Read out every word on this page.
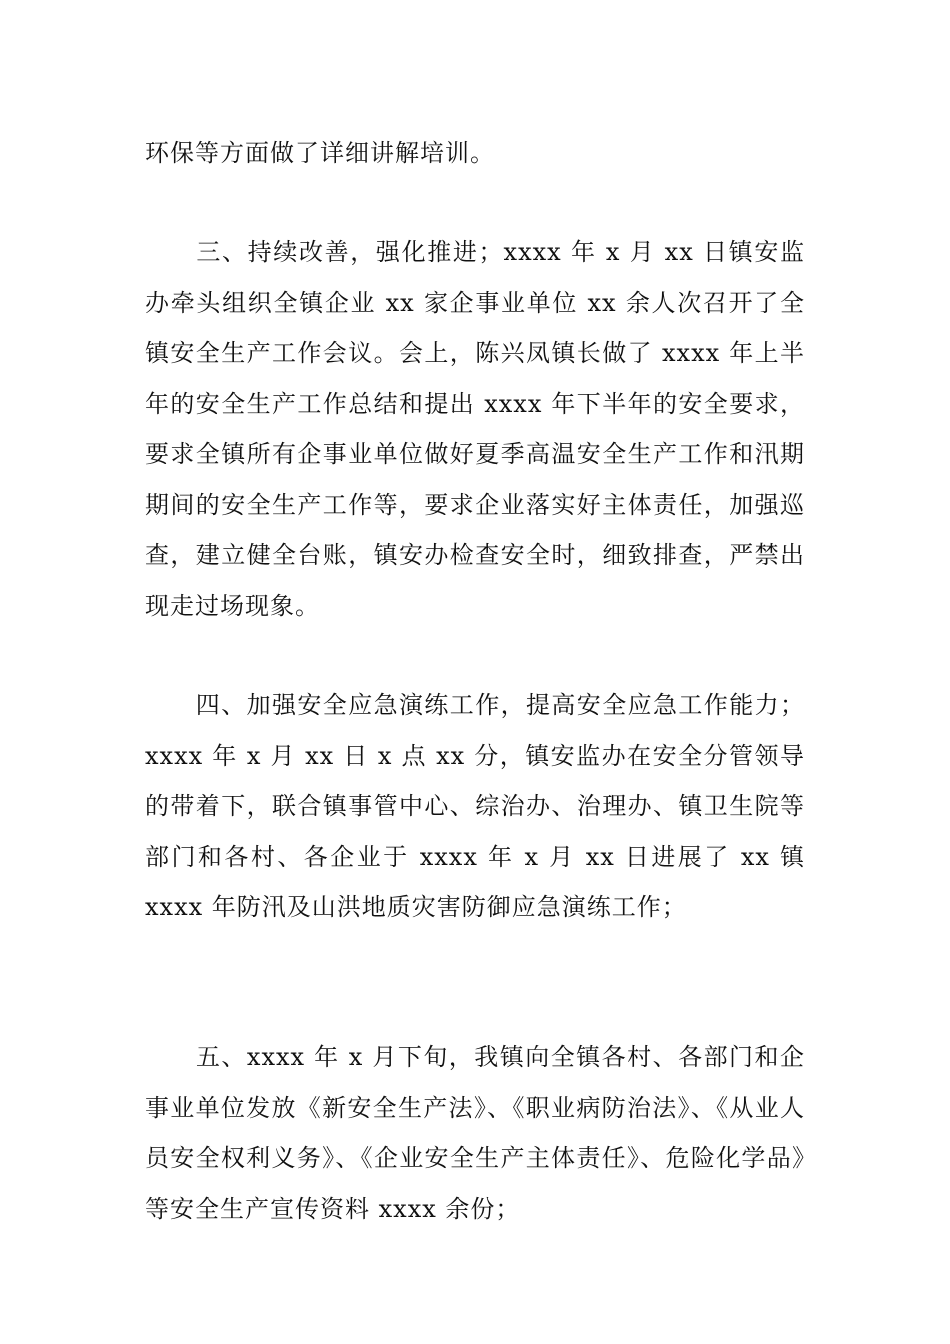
环保等方面做了详细讲解培训。

　　三、持续改善，强化推进；xxxx 年 x 月 xx 日镇安监办牵头组织全镇企业 xx 家企事业单位 xx 余人次召开了全镇安全生产工作会议。会上，陈兴凤镇长做了 xxxx 年上半年的安全生产工作总结和提出 xxxx 年下半年的安全要求，要求全镇所有企事业单位做好夏季高温安全生产工作和汛期期间的安全生产工作等，要求企业落实好主体责任，加强巡查，建立健全台账，镇安办检查安全时，细致排查，严禁出现走过场现象。

　　四、加强安全应急演练工作，提高安全应急工作能力；xxxx 年 x 月 xx 日 x 点 xx 分，镇安监办在安全分管领导的带着下，联合镇事管中心、综治办、治理办、镇卫生院等部门和各村、各企业于 xxxx 年 x 月 xx 日进展了 xx 镇 xxxx 年防汛及山洪地质灾害防御应急演练工作；

　　五、xxxx 年 x 月下旬，我镇向全镇各村、各部门和企事业单位发放《新安全生产法》、《职业病防治法》、《从业人员安全权利义务》、《企业安全生产主体责任》、危险化学品》等安全生产宣传资料 xxxx 余份；
